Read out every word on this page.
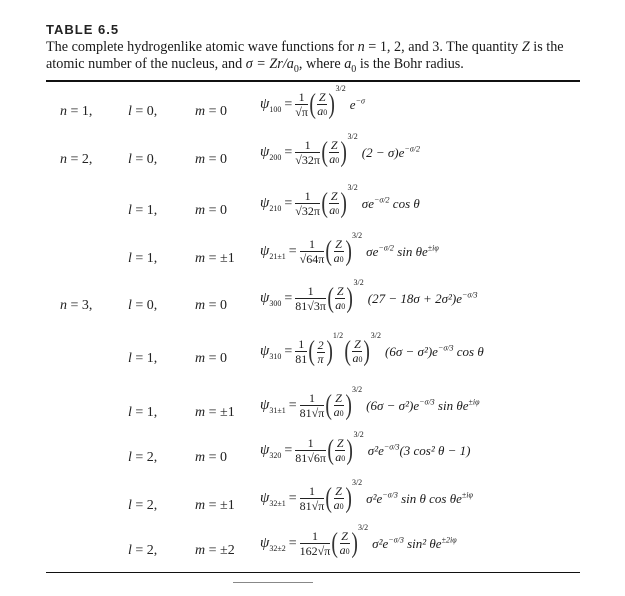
TABLE 6.5
The complete hydrogenlike atomic wave functions for n = 1, 2, and 3. The quantity Z is the atomic number of the nucleus, and $\sigma = Zr/a_0$, where $a_0$ is the Bohr radius.
n = 1,	l = 0,	m = 0 $\psi_{100} = \frac{1}{√\pi}$ ( $\frac{Z}{a0} )3/2e^{-\sigma}$
n = 2,	l = 0,	m = 0 $\psi_{200} = \frac{1}{√32\pi}$ ( $\frac{Z}{a0} )3/2(2 - \sigma)e^{-\sigma/2}$
l = 1,	m = 0 $\psi_{210} = \frac{1}{√32\pi}$ ( $\frac{Z}{a0} )3/2\sigma e^{-\sigma/2}$ cos θ
l = 1,	m = ±1 $\psi_{21\pm 1} = \frac{1}{√64\pi}$ ( $\frac{Z}{a0} )3/2\sigma e^{-\sigma/2}$ $\sin \theta e^{\pm i\varphi}$
n = 3,	l = 0,	m = 0 $\psi_{300} = \frac{1}{81√3\pi}$ ( $\frac{Z}{a0} )3/2(27 - 18\sigma + 2\sigma^2)e^{-\sigma/3}$
l = 1,	m = 0 $\psi_{310} = \frac{1}{81}$ ( $\frac{2}{\pi} )1/2( \frac{Z}{a0} )3/2(6\sigma - \sigma^2)e^{-\sigma/3}$ cos θ
l = 1,	m = ±1 $\psi_{31\pm 1} = \frac{1}{81√\pi}$ ( $\frac{Z}{a0} )3/2(6\sigma - \sigma^2)e^{-\sigma/3}$ $\sin \theta e^{\pm i\varphi}$
l = 2,	m = 0 $\psi_{320} = \frac{1}{81√6\pi}$ ( $\frac{Z}{a0} )3/2\sigma^2e^{-\sigma/3}(3$ cos² θ − 1)
l = 2,	m = ±1 $\psi_{32\pm 1} = \frac{1}{81√\pi}$ ( $\frac{Z}{a0} )3/2\sigma^2e^{-\sigma/3}$ sin θ $\cos \theta e^{\pm i\varphi}$
l = 2,	m = ±2 $\psi_{32\pm 2} = \frac{1}{162√\pi}$ ( $\frac{Z}{a0} )3/2\sigma^2e^{-\sigma/3}$ sin² $\theta e^{\pm 2i\varphi}$
